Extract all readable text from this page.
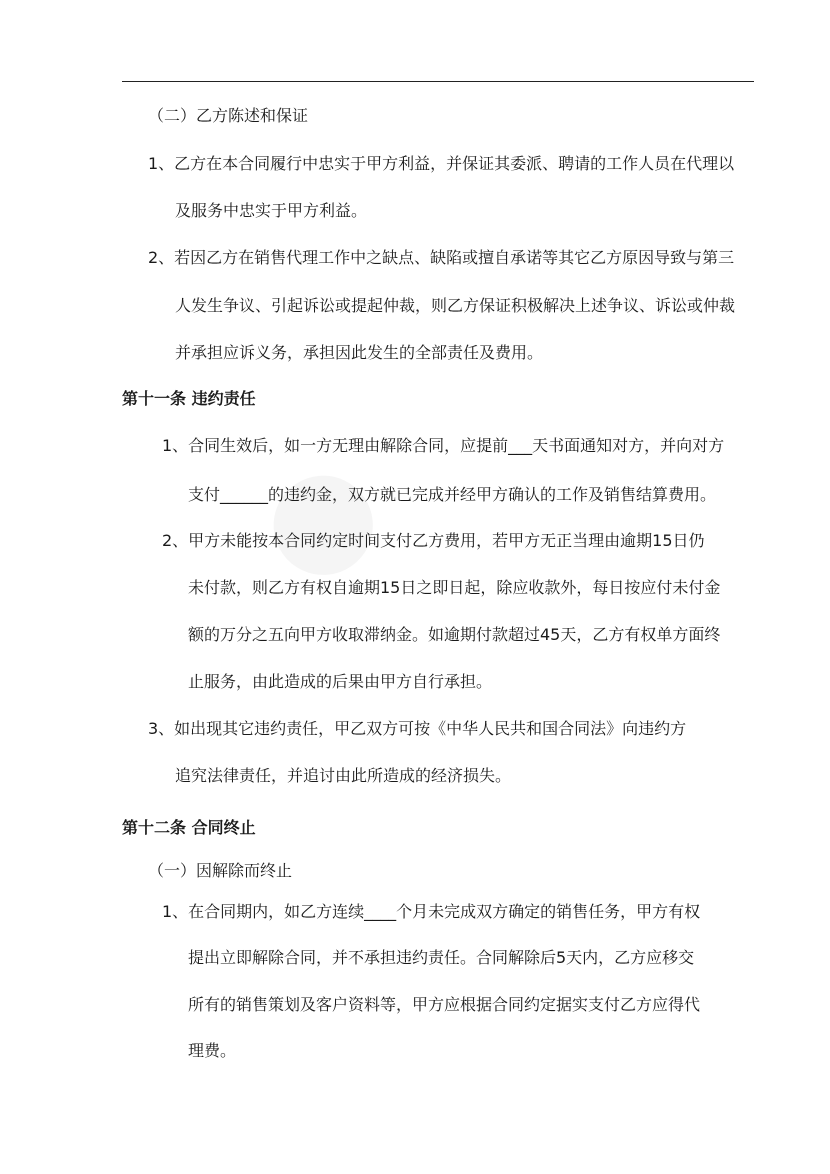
（二）乙方陈述和保证
1、乙方在本合同履行中忠实于甲方利益，并保证其委派、聘请的工作人员在代理以
及服务中忠实于甲方利益。
2、若因乙方在销售代理工作中之缺点、缺陷或擅自承诺等其它乙方原因导致与第三
人发生争议、引起诉讼或提起仲裁，则乙方保证积极解决上述争议、诉讼或仲裁
并承担应诉义务，承担因此发生的全部责任及费用。
第十一条 违约责任
1、合同生效后，如一方无理由解除合同，应提前___天书面通知对方，并向对方
支付______的违约金，双方就已完成并经甲方确认的工作及销售结算费用。
2、甲方未能按本合同约定时间支付乙方费用，若甲方无正当理由逾期15日仍
未付款，则乙方有权自逾期15日之即日起，除应收款外，每日按应付未付金
额的万分之五向甲方收取滞纳金。如逾期付款超过45天，乙方有权单方面终
止服务，由此造成的后果由甲方自行承担。
3、如出现其它违约责任，甲乙双方可按《中华人民共和国合同法》向违约方
追究法律责任，并追讨由此所造成的经济损失。
第十二条 合同终止
（一）因解除而终止
1、在合同期内，如乙方连续____个月未完成双方确定的销售任务，甲方有权
提出立即解除合同，并不承担违约责任。合同解除后5天内，乙方应移交
所有的销售策划及客户资料等，甲方应根据合同约定据实支付乙方应得代
理费。
